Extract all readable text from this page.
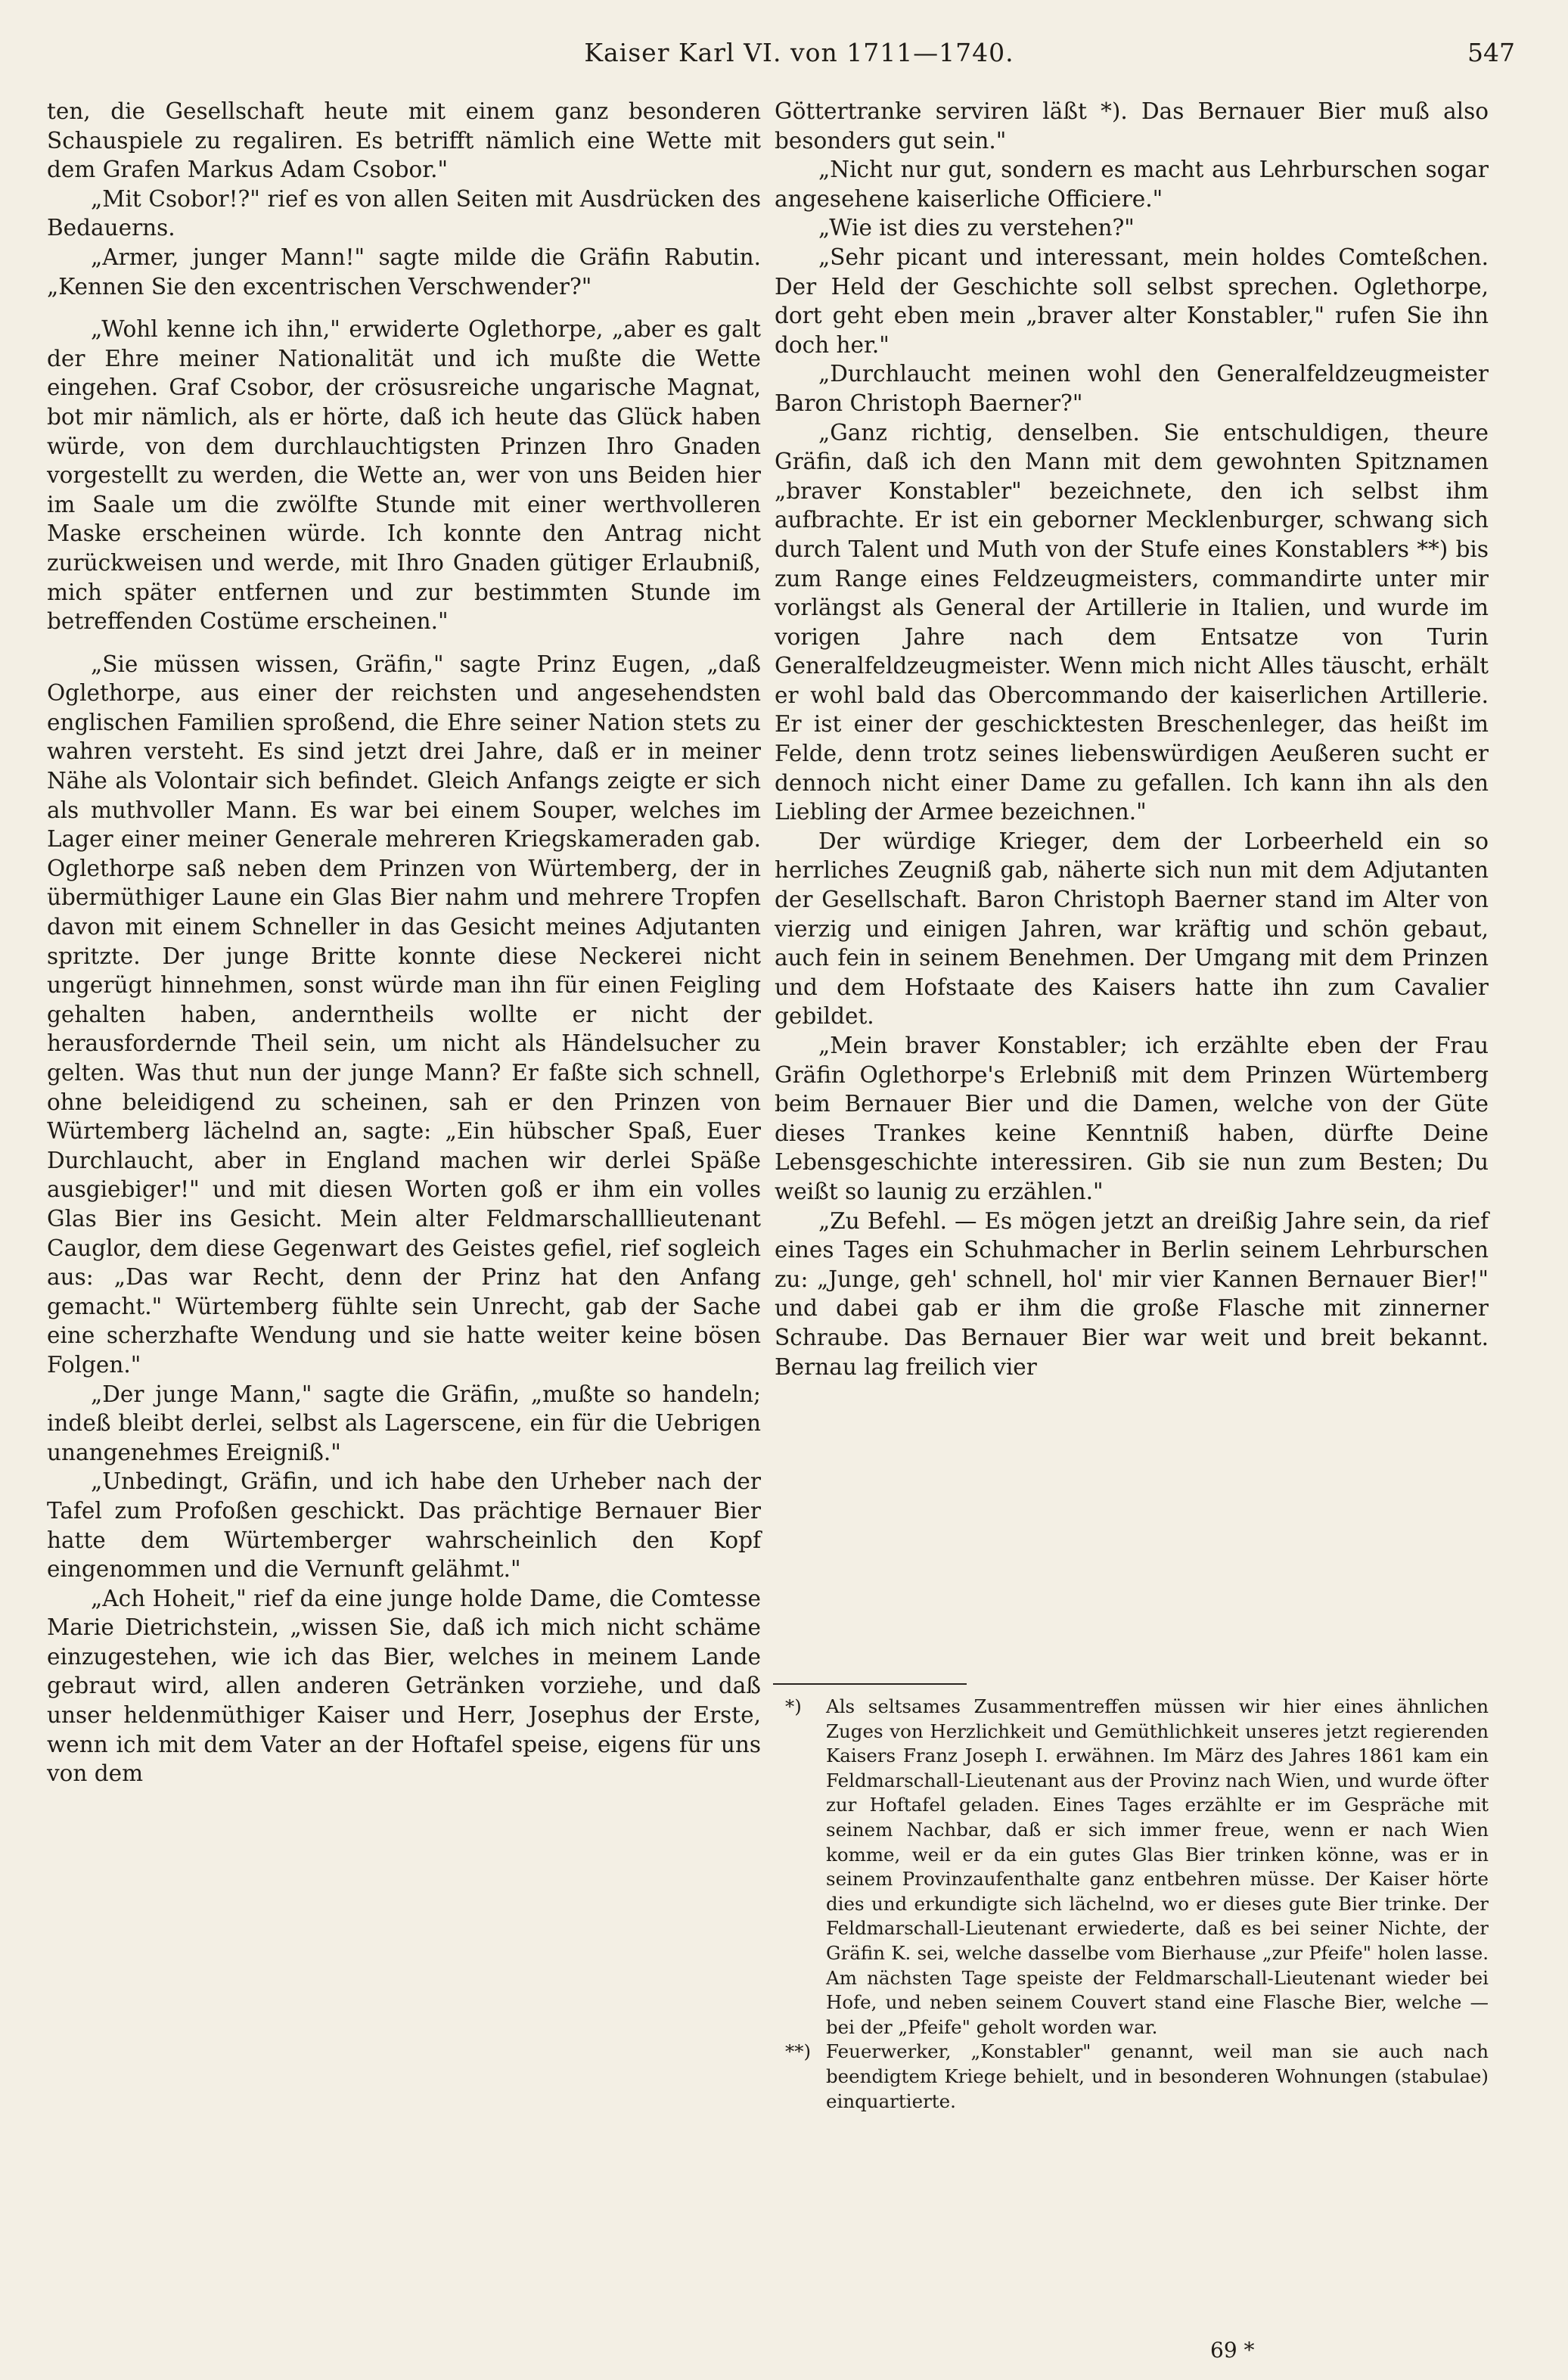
Kaiser Karl VI. von 1711—1740.	547

ten, die Gesellschaft heute mit einem ganz besonderen Schauspiele zu regaliren. Es betrifft nämlich eine Wette mit dem Grafen Markus Adam Csobor."

„Mit Csobor!?" rief es von allen Seiten mit Ausdrücken des Bedauerns.

„Armer, junger Mann!" sagte milde die Gräfin Rabutin. „Kennen Sie den excentrischen Verschwender?"

„Wohl kenne ich ihn," erwiderte Oglethorpe, „aber es galt der Ehre meiner Nationalität und ich mußte die Wette eingehen. Graf Csobor, der crösusreiche ungarische Magnat, bot mir nämlich, als er hörte, daß ich heute das Glück haben würde, von dem durchlauchtigsten Prinzen Ihro Gnaden vorgestellt zu werden, die Wette an, wer von uns Beiden hier im Saale um die zwölfte Stunde mit einer werthvolleren Maske erscheinen würde. Ich konnte den Antrag nicht zurückweisen und werde, mit Ihro Gnaden gütiger Erlaubniß, mich später entfernen und zur bestimmten Stunde im betreffenden Costüme erscheinen."

„Sie müssen wissen, Gräfin," sagte Prinz Eugen, „daß Oglethorpe, aus einer der reichsten und angesehendsten englischen Familien sproßend, die Ehre seiner Nation stets zu wahren versteht. Es sind jetzt drei Jahre, daß er in meiner Nähe als Volontair sich befindet. Gleich Anfangs zeigte er sich als muthvoller Mann. Es war bei einem Souper, welches im Lager einer meiner Generale mehreren Kriegskameraden gab. Oglethorpe saß neben dem Prinzen von Würtemberg, der in übermüthiger Laune ein Glas Bier nahm und mehrere Tropfen davon mit einem Schneller in das Gesicht meines Adjutanten spritzte. Der junge Britte konnte diese Neckerei nicht ungerügt hinnehmen, sonst würde man ihn für einen Feigling gehalten haben, anderntheils wollte er nicht der herausfordernde Theil sein, um nicht als Händelsucher zu gelten. Was thut nun der junge Mann? Er faßte sich schnell, ohne beleidigend zu scheinen, sah er den Prinzen von Würtemberg lächelnd an, sagte: „Ein hübscher Spaß, Euer Durchlaucht, aber in England machen wir derlei Späße ausgiebiger!" und mit diesen Worten goß er ihm ein volles Glas Bier ins Gesicht. Mein alter Feldmarschalllieutenant Cauglor, dem diese Gegenwart des Geistes gefiel, rief sogleich aus: „Das war Recht, denn der Prinz hat den Anfang gemacht." Würtemberg fühlte sein Unrecht, gab der Sache eine scherzhafte Wendung und sie hatte weiter keine bösen Folgen."

„Der junge Mann," sagte die Gräfin, „mußte so handeln; indeß bleibt derlei, selbst als Lagerscene, ein für die Uebrigen unangenehmes Ereigniß."

„Unbedingt, Gräfin, und ich habe den Urheber nach der Tafel zum Profoßen geschickt. Das prächtige Bernauer Bier hatte dem Würtemberger wahrscheinlich den Kopf eingenommen und die Vernunft gelähmt."

„Ach Hoheit," rief da eine junge holde Dame, die Comtesse Marie Dietrichstein, „wissen Sie, daß ich mich nicht schäme einzugestehen, wie ich das Bier, welches in meinem Lande gebraut wird, allen anderen Getränken vorziehe, und daß unser heldenmüthiger Kaiser und Herr, Josephus der Erste, wenn ich mit dem Vater an der Hoftafel speise, eigens für uns von dem

Göttertranke serviren läßt *). Das Bernauer Bier muß also besonders gut sein."

„Nicht nur gut, sondern es macht aus Lehrburschen sogar angesehene kaiserliche Officiere."

„Wie ist dies zu verstehen?"

„Sehr picant und interessant, mein holdes Comteßchen. Der Held der Geschichte soll selbst sprechen. Oglethorpe, dort geht eben mein „braver alter Konstabler," rufen Sie ihn doch her."

„Durchlaucht meinen wohl den Generalfeldzeugmeister Baron Christoph Baerner?"

„Ganz richtig, denselben. Sie entschuldigen, theure Gräfin, daß ich den Mann mit dem gewohnten Spitznamen „braver Konstabler" bezeichnete, den ich selbst ihm aufbrachte. Er ist ein geborner Mecklenburger, schwang sich durch Talent und Muth von der Stufe eines Konstablers **) bis zum Range eines Feldzeugmeisters, commandirte unter mir vorlängst als General der Artillerie in Italien, und wurde im vorigen Jahre nach dem Entsatze von Turin Generalfeldzeugmeister. Wenn mich nicht Alles täuscht, erhält er wohl bald das Obercommando der kaiserlichen Artillerie. Er ist einer der geschicktesten Breschenleger, das heißt im Felde, denn trotz seines liebenswürdigen Aeußeren sucht er dennoch nicht einer Dame zu gefallen. Ich kann ihn als den Liebling der Armee bezeichnen."

Der würdige Krieger, dem der Lorbeerheld ein so herrliches Zeugniß gab, näherte sich nun mit dem Adjutanten der Gesellschaft. Baron Christoph Baerner stand im Alter von vierzig und einigen Jahren, war kräftig und schön gebaut, auch fein in seinem Benehmen. Der Umgang mit dem Prinzen und dem Hofstaate des Kaisers hatte ihn zum Cavalier gebildet.

„Mein braver Konstabler; ich erzählte eben der Frau Gräfin Oglethorpe's Erlebniß mit dem Prinzen Würtemberg beim Bernauer Bier und die Damen, welche von der Güte dieses Trankes keine Kenntniß haben, dürfte Deine Lebensgeschichte interessiren. Gib sie nun zum Besten; Du weißt so launig zu erzählen."

„Zu Befehl. — Es mögen jetzt an dreißig Jahre sein, da rief eines Tages ein Schuhmacher in Berlin seinem Lehrburschen zu: „Junge, geh' schnell, hol' mir vier Kannen Bernauer Bier!" und dabei gab er ihm die große Flasche mit zinnerner Schraube. Das Bernauer Bier war weit und breit bekannt. Bernau lag freilich vier

*) Als seltsames Zusammentreffen müssen wir hier eines ähnlichen Zuges von Herzlichkeit und Gemüthlichkeit unseres jetzt regierenden Kaisers Franz Joseph I. erwähnen. Im März des Jahres 1861 kam ein Feldmarschall-Lieutenant aus der Provinz nach Wien, und wurde öfter zur Hoftafel geladen. Eines Tages erzählte er im Gespräche mit seinem Nachbar, daß er sich immer freue, wenn er nach Wien komme, weil er da ein gutes Glas Bier trinken könne, was er in seinem Provinzaufenthalte ganz entbehren müsse. Der Kaiser hörte dies und erkundigte sich lächelnd, wo er dieses gute Bier trinke. Der Feldmarschall-Lieutenant erwiederte, daß es bei seiner Nichte, der Gräfin K. sei, welche dasselbe vom Bierhause „zur Pfeife" holen lasse. Am nächsten Tage speiste der Feldmarschall-Lieutenant wieder bei Hofe, und neben seinem Couvert stand eine Flasche Bier, welche — bei der „Pfeife" geholt worden war.

**) Feuerwerker, „Konstabler" genannt, weil man sie auch nach beendigtem Kriege behielt, und in besonderen Wohnungen (stabulae) einquartierte.

69 *
